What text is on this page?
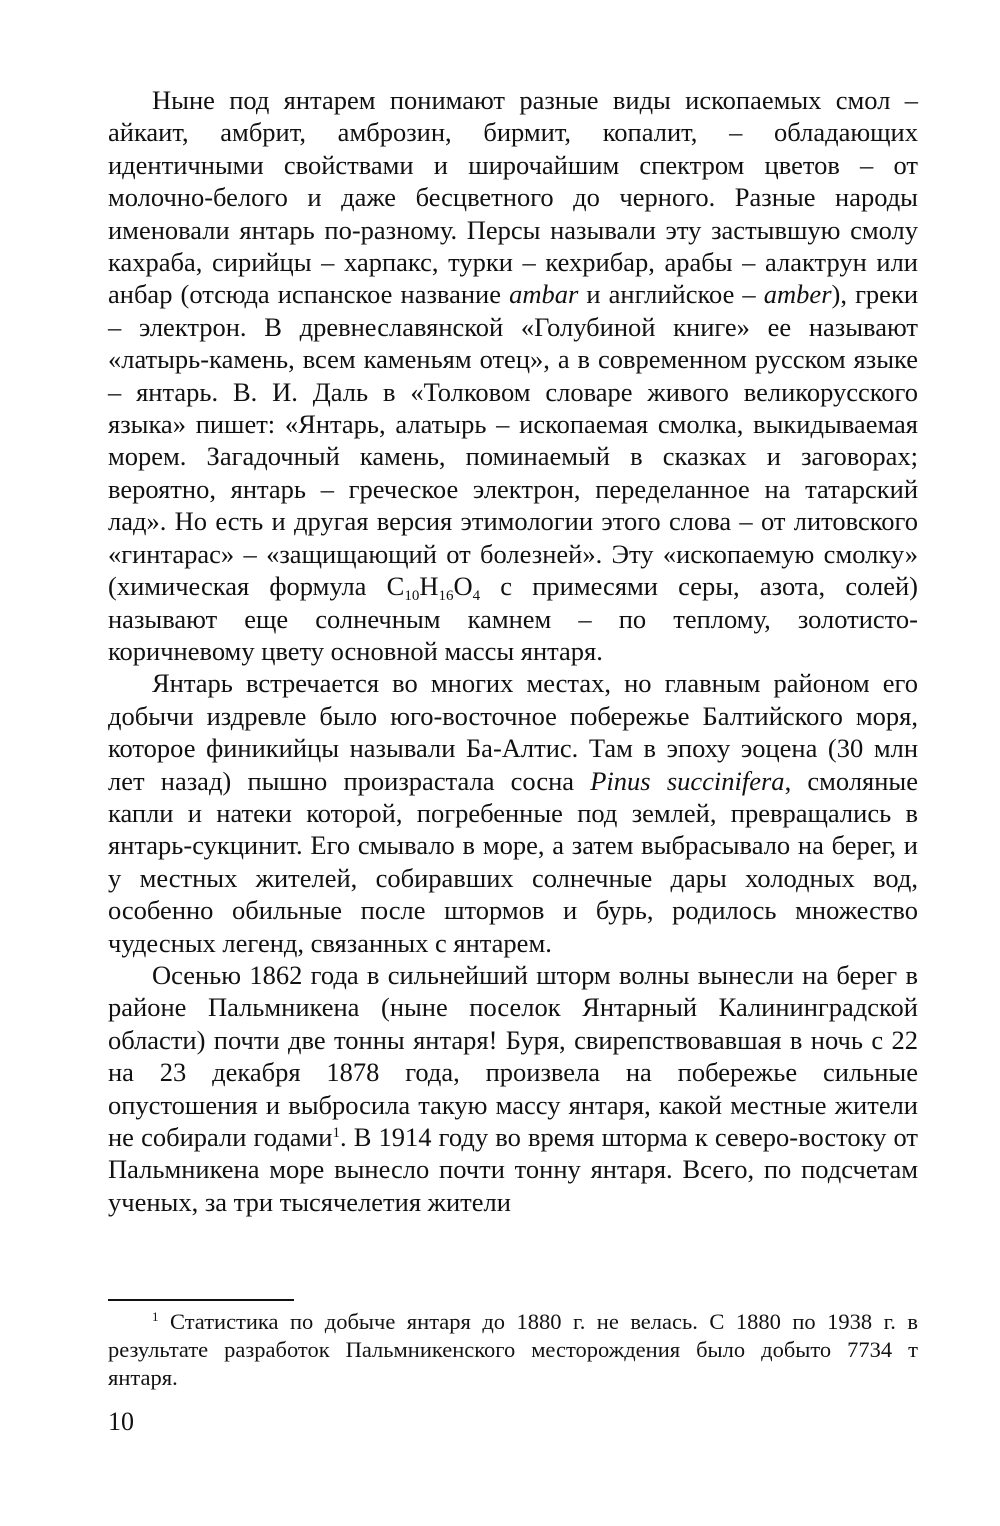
Ныне под янтарем понимают разные виды ископаемых смол – айкаит, амбрит, амброзин, бирмит, копалит, – обладающих идентичными свойствами и широчайшим спектром цветов – от молочно-белого и даже бесцветного до черного. Разные народы именовали янтарь по-разному. Персы называли эту застывшую смолу кахраба, сирийцы – харпакс, турки – кехрибар, арабы – алактрун или анбар (отсюда испанское название ambar и английское – amber), греки – электрон. В древнеславянской «Голубиной книге» ее называют «латырь-камень, всем каменьям отец», а в современном русском языке – янтарь. В. И. Даль в «Толковом словаре живого великорусского языка» пишет: «Янтарь, алатырь – ископаемая смолка, выкидываемая морем. Загадочный камень, поминаемый в сказках и заговорах; вероятно, янтарь – греческое электрон, переделанное на татарский лад». Но есть и другая версия этимологии этого слова – от литовского «гинтарас» – «защищающий от болезней». Эту «ископаемую смолку» (химическая формула $C_{10}H_{16}O_4$ с примесями серы, азота, солей) называют еще солнечным камнем – по теплому, золотисто-коричневому цвету основной массы янтаря.

Янтарь встречается во многих местах, но главным районом его добычи издревле было юго-восточное побережье Балтийского моря, которое финикийцы называли Ба-Алтис. Там в эпоху эоцена (30 млн лет назад) пышно произрастала сосна Pinus succinifera, смоляные капли и натеки которой, погребенные под землей, превращались в янтарь-сукцинит. Его смывало в море, а затем выбрасывало на берег, и у местных жителей, собиравших солнечные дары холодных вод, особенно обильные после штормов и бурь, родилось множество чудесных легенд, связанных с янтарем.

Осенью 1862 года в сильнейший шторм волны вынесли на берег в районе Пальмникена (ныне поселок Янтарный Калининградской области) почти две тонны янтаря! Буря, свирепствовавшая в ночь с 22 на 23 декабря 1878 года, произвела на побережье сильные опустошения и выбросила такую массу янтаря, какой местные жители не собирали годами$^1$. В 1914 году во время шторма к северо-востоку от Пальмникена море вынесло почти тонну янтаря. Всего, по подсчетам ученых, за три тысячелетия жители

$^1$ Статистика по добыче янтаря до 1880 г. не велась. С 1880 по 1938 г. в результате разработок Пальмникенского месторождения было добыто 7734 т янтаря.

10
